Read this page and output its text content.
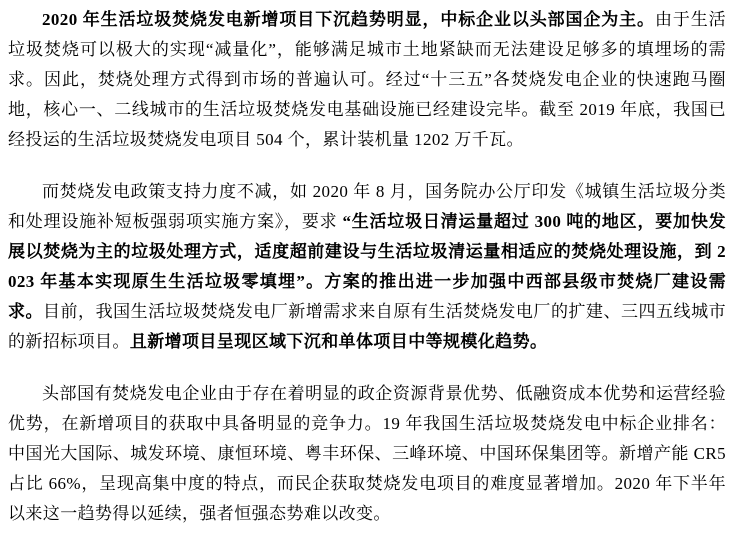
2020 年生活垃圾焚烧发电新增项目下沉趋势明显，中标企业以头部国企为主。由于生活垃圾焚烧可以极大的实现“减量化”，能够满足城市土地紧缺而无法建设足够多的填埋场的需求。因此，焚烧处理方式得到市场的普遍认可。经过“十三五”各焚烧发电企业的快速跑马圈地，核心一、二线城市的生活垃圾焚烧发电基础设施已经建设完毕。截至 2019 年底，我国已经投运的生活垃圾焚烧发电项目 504 个，累计装机量 1202 万千瓦。

而焚烧发电政策支持力度不减，如 2020 年 8 月，国务院办公厅印发《城镇生活垃圾分类和处理设施补短板强弱项实施方案》，要求 “生活垃圾日清运量超过 300 吨的地区，要加快发展以焚烧为主的垃圾处理方式，适度超前建设与生活垃圾清运量相适应的焚烧处理设施，到 2023 年基本实现原生生活垃圾零填埋”。方案的推出进一步加强中西部县级市焚烧厂建设需求。目前，我国生活垃圾焚烧发电厂新增需求来自原有生活焚烧发电厂的扩建、三四五线城市的新招标项目。且新增项目呈现区域下沉和单体项目中等规模化趋势。

头部国有焚烧发电企业由于存在着明显的政企资源背景优势、低融资成本优势和运营经验优势，在新增项目的获取中具备明显的竞争力。19 年我国生活垃圾焚烧发电中标企业排名：中国光大国际、城发环境、康恒环境、粤丰环保、三峰环境、中国环保集团等。新增产能 CR5 占比 66%，呈现高集中度的特点，而民企获取焚烧发电项目的难度显著增加。2020 年下半年以来这一趋势得以延续，强者恒强态势难以改变。
